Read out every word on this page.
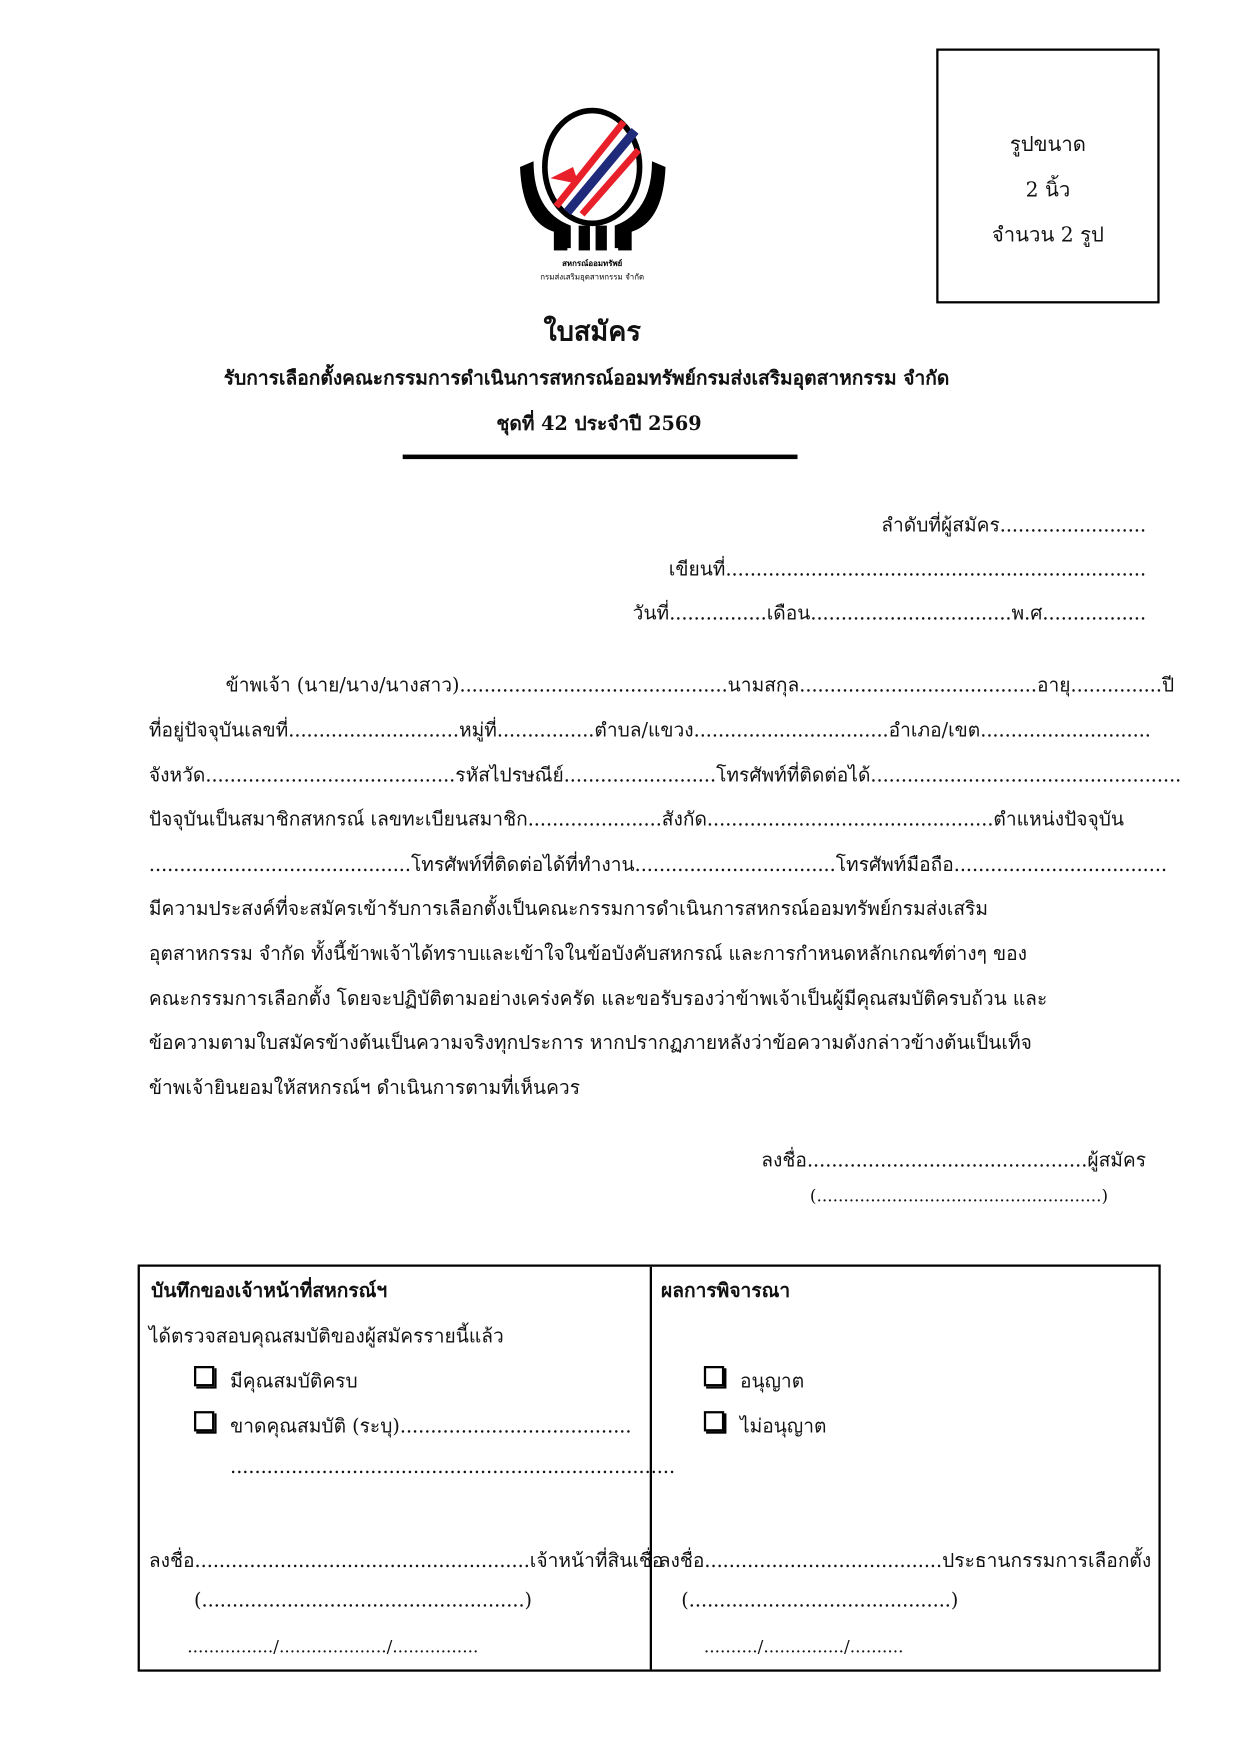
สหกรณ์ออมทรัพย์
กรมส่งเสริมอุตสาหกรรม จำกัด
รูปขนาด
2 นิ้ว
จำนวน 2 รูป
ใบสมัคร
รับการเลือกตั้งคณะกรรมการดำเนินการสหกรณ์ออมทรัพย์กรมส่งเสริมอุตสาหกรรม จำกัด
ชุดที่ 42 ประจำปี 2569
ลำดับที่ผู้สมัคร........................
เขียนที่.....................................................................
วันที่................เดือน.................................พ.ศ.................
ข้าพเจ้า (นาย/นาง/นางสาว)............................................นามสกุล.......................................อายุ...............ปี
ที่อยู่ปัจจุบันเลขที่............................หมู่ที่................ตำบล/แขวง................................อำเภอ/เขต............................
จังหวัด.........................................รหัสไปรษณีย์.........................โทรศัพท์ที่ติดต่อได้...................................................
ปัจจุบันเป็นสมาชิกสหกรณ์ เลขทะเบียนสมาชิก......................สังกัด...............................................ตำแหน่งปัจจุบัน
...........................................โทรศัพท์ที่ติดต่อได้ที่ทำงาน.................................โทรศัพท์มือถือ...................................
มีความประสงค์ที่จะสมัครเข้ารับการเลือกตั้งเป็นคณะกรรมการดำเนินการสหกรณ์ออมทรัพย์กรมส่งเสริม
อุตสาหกรรม จำกัด ทั้งนี้ข้าพเจ้าได้ทราบและเข้าใจในข้อบังคับสหกรณ์ และการกำหนดหลักเกณฑ์ต่างๆ ของ
คณะกรรมการเลือกตั้ง โดยจะปฏิบัติตามอย่างเคร่งครัด และขอรับรองว่าข้าพเจ้าเป็นผู้มีคุณสมบัติครบถ้วน และ
ข้อความตามใบสมัครข้างต้นเป็นความจริงทุกประการ หากปรากฏภายหลังว่าข้อความดังกล่าวข้างต้นเป็นเท็จ
ข้าพเจ้ายินยอมให้สหกรณ์ฯ ดำเนินการตามที่เห็นควร
ลงชื่อ..............................................ผู้สมัคร
(.....................................................)
บันทึกของเจ้าหน้าที่สหกรณ์ฯ
ได้ตรวจสอบคุณสมบัติของผู้สมัครรายนี้แล้ว
มีคุณสมบัติครบ
ขาดคุณสมบัติ (ระบุ)......................................
.........................................................................
ลงชื่อ.......................................................เจ้าหน้าที่สินเชื่อ
(.....................................................)
................/..................../................
ผลการพิจารณา
อนุญาต
ไม่อนุญาต
ลงชื่อ.......................................ประธานกรรมการเลือกตั้ง
(...........................................)
........../.............../..........
